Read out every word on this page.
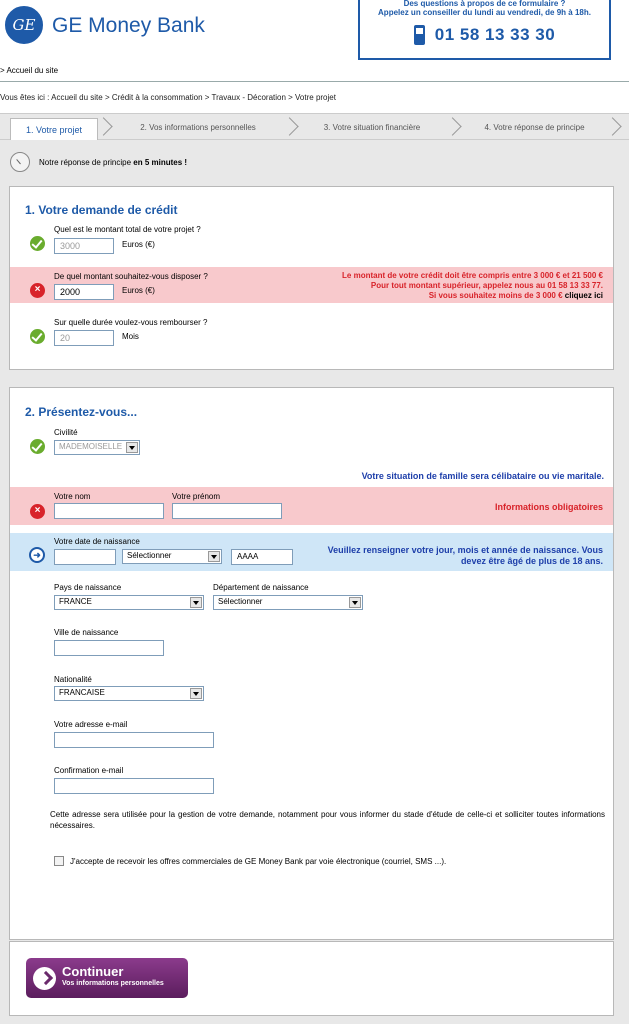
GE GE Money Bank
Des questions à propos de ce formulaire ?
Appelez un conseiller du lundi au vendredi, de 9h à 18h.
01 58 13 33 30
> Accueil du site
Vous êtes ici : Accueil du site > Crédit à la consommation > Travaux - Décoration > Votre projet
1. Votre projet	2. Vos informations personnelles	3. Votre situation financière	4. Votre réponse de principe
Notre réponse de principe en 5 minutes !
1. Votre demande de crédit
Quel est le montant total de votre projet ?
3000	Euros (€)
×
De quel montant souhaitez-vous disposer ?
2000	Euros (€)
Le montant de votre crédit doit être compris entre 3 000 € et 21 500 €
Pour tout montant supérieur, appelez nous au 01 58 13 33 77.
Si vous souhaitez moins de 3 000 € cliquez ici
Sur quelle durée voulez-vous rembourser ?
20	Mois
2. Présentez-vous...
Civilité
MADEMOISELLE
Votre situation de famille sera célibataire ou vie maritale.
×
Votre nom	Votre prénom
Informations obligatoires
➜
Votre date de naissance
Sélectionner	AAAA
Veuillez renseigner votre jour, mois et année de naissance. Vous
devez être âgé de plus de 18 ans.
Pays de naissance
FRANCE
Département de naissance
Sélectionner
Ville de naissance
Nationalité
FRANCAISE
Votre adresse e-mail
Confirmation e-mail
Cette adresse sera utilisée pour la gestion de votre demande, notamment pour vous informer du stade d'étude de celle-ci et solliciter toutes informations nécessaires.
J'accepte de recevoir les offres commerciales de GE Money Bank par voie électronique (courriel, SMS ...).
Continuer
Vos informations personnelles
